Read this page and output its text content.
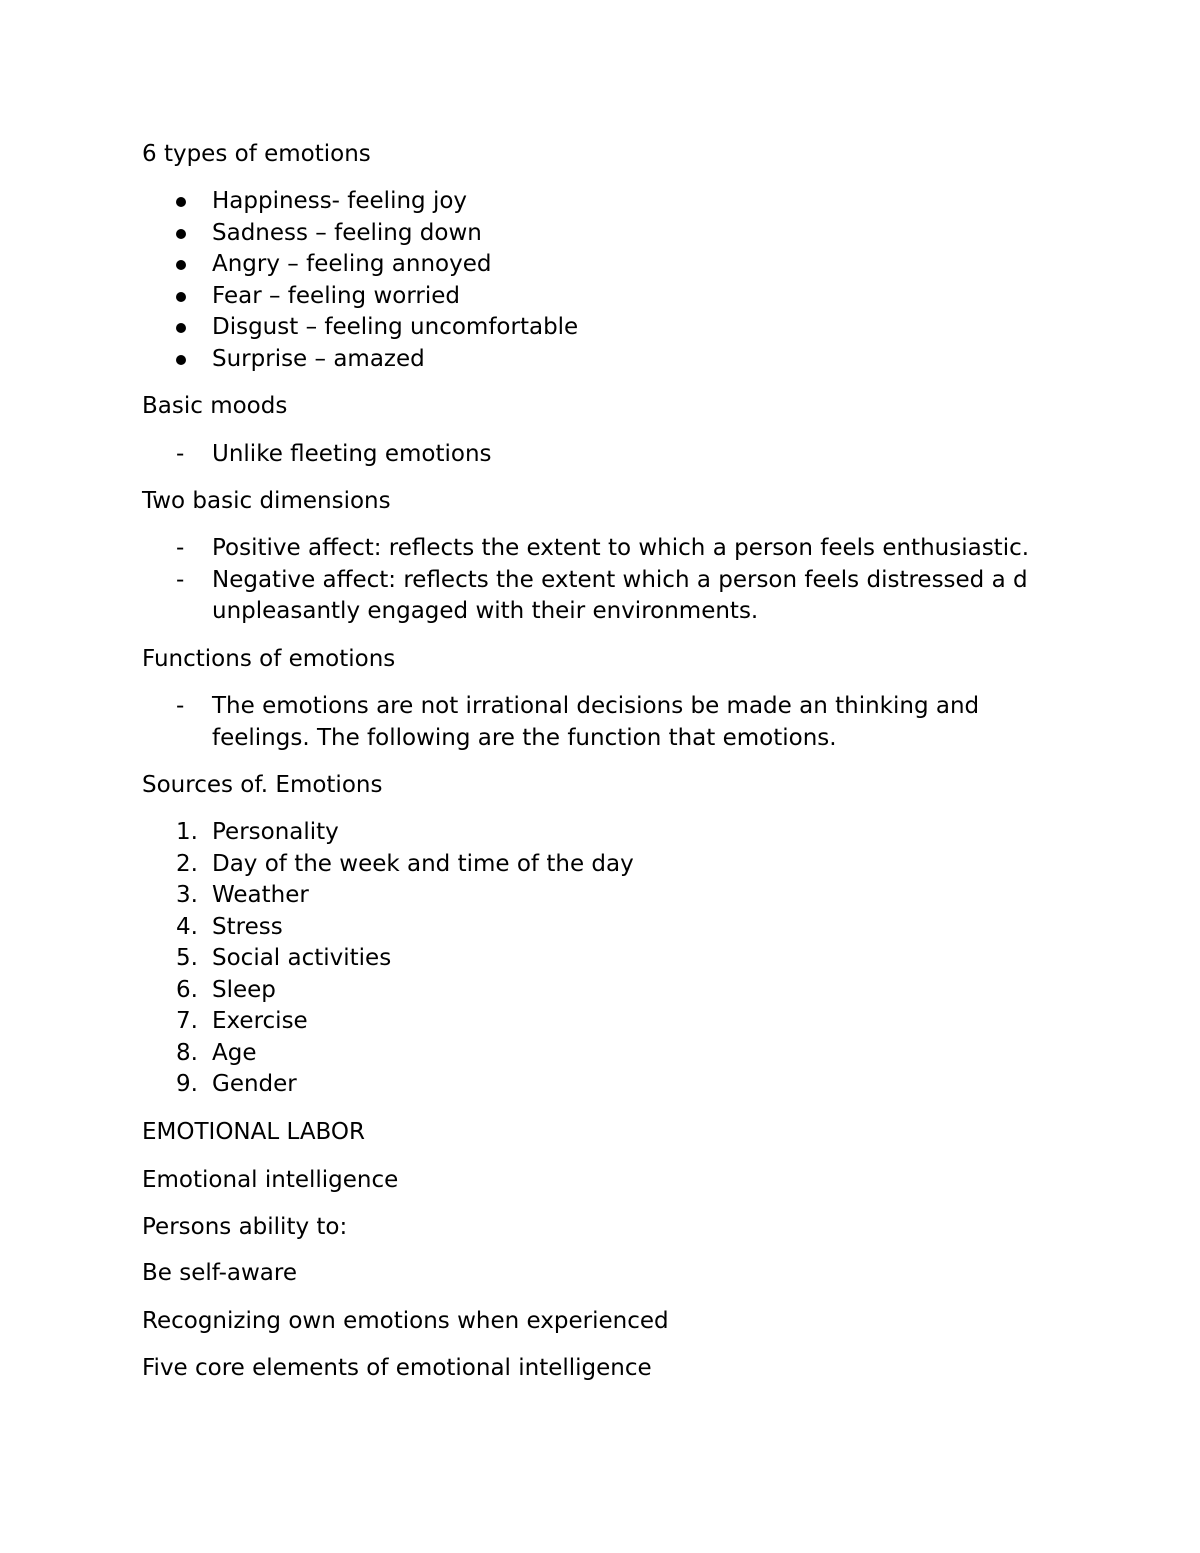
6 types of emotions
Happiness- feeling joy
Sadness – feeling down
Angry – feeling annoyed
Fear – feeling worried
Disgust – feeling uncomfortable
Surprise – amazed
Basic moods
-	Unlike fleeting emotions
Two basic dimensions
-	Positive affect: reflects the extent to which a person feels enthusiastic.
-	Negative affect: reflects the extent which a person feels distressed a d unpleasantly engaged with their environments.
Functions of emotions
-	The emotions are not irrational decisions be made an thinking and feelings. The following are the function that emotions.
Sources of. Emotions
1. Personality
2. Day of the week and time of the day
3. Weather
4. Stress
5. Social activities
6. Sleep
7. Exercise
8. Age
9. Gender
EMOTIONAL LABOR
Emotional intelligence
Persons ability to:
Be self-aware
Recognizing own emotions when experienced
Five core elements of emotional intelligence
